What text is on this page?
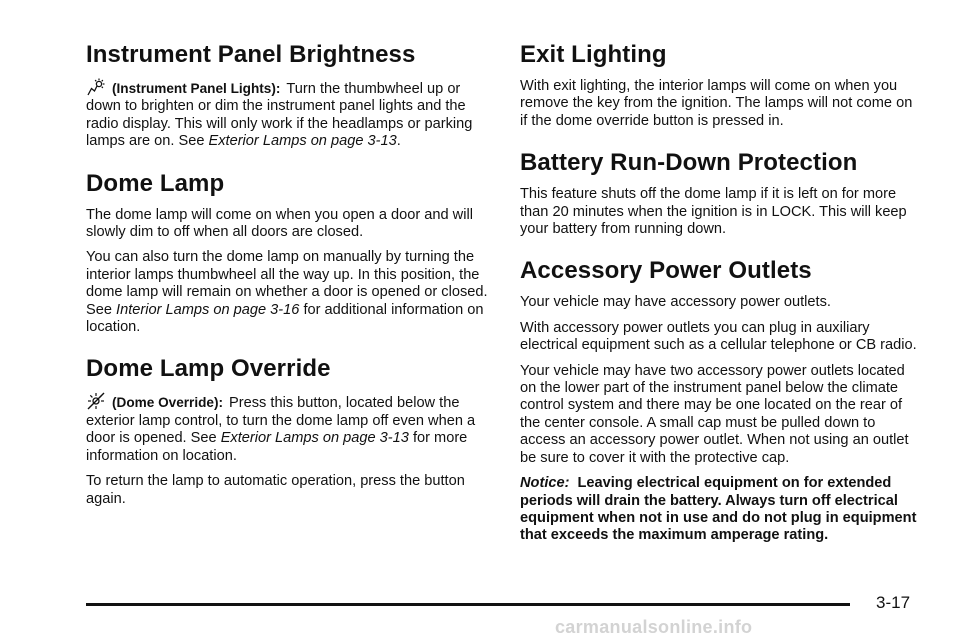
Instrument Panel Brightness

(Instrument Panel Lights): Turn the thumbwheel up or down to brighten or dim the instrument panel lights and the radio display. This will only work if the headlamps or parking lamps are on. See Exterior Lamps on page 3-13.

Dome Lamp

The dome lamp will come on when you open a door and will slowly dim to off when all doors are closed.

You can also turn the dome lamp on manually by turning the interior lamps thumbwheel all the way up. In this position, the dome lamp will remain on whether a door is opened or closed. See Interior Lamps on page 3-16 for additional information on location.

Dome Lamp Override

(Dome Override): Press this button, located below the exterior lamp control, to turn the dome lamp off even when a door is opened. See Exterior Lamps on page 3-13 for more information on location.

To return the lamp to automatic operation, press the button again.

Exit Lighting

With exit lighting, the interior lamps will come on when you remove the key from the ignition. The lamps will not come on if the dome override button is pressed in.

Battery Run-Down Protection

This feature shuts off the dome lamp if it is left on for more than 20 minutes when the ignition is in LOCK. This will keep your battery from running down.

Accessory Power Outlets

Your vehicle may have accessory power outlets.

With accessory power outlets you can plug in auxiliary electrical equipment such as a cellular telephone or CB radio.

Your vehicle may have two accessory power outlets located on the lower part of the instrument panel below the climate control system and there may be one located on the rear of the center console. A small cap must be pulled down to access an accessory power outlet. When not using an outlet be sure to cover it with the protective cap.

Notice: Leaving electrical equipment on for extended periods will drain the battery. Always turn off electrical equipment when not in use and do not plug in equipment that exceeds the maximum amperage rating.

3-17
carmanualsonline.info
